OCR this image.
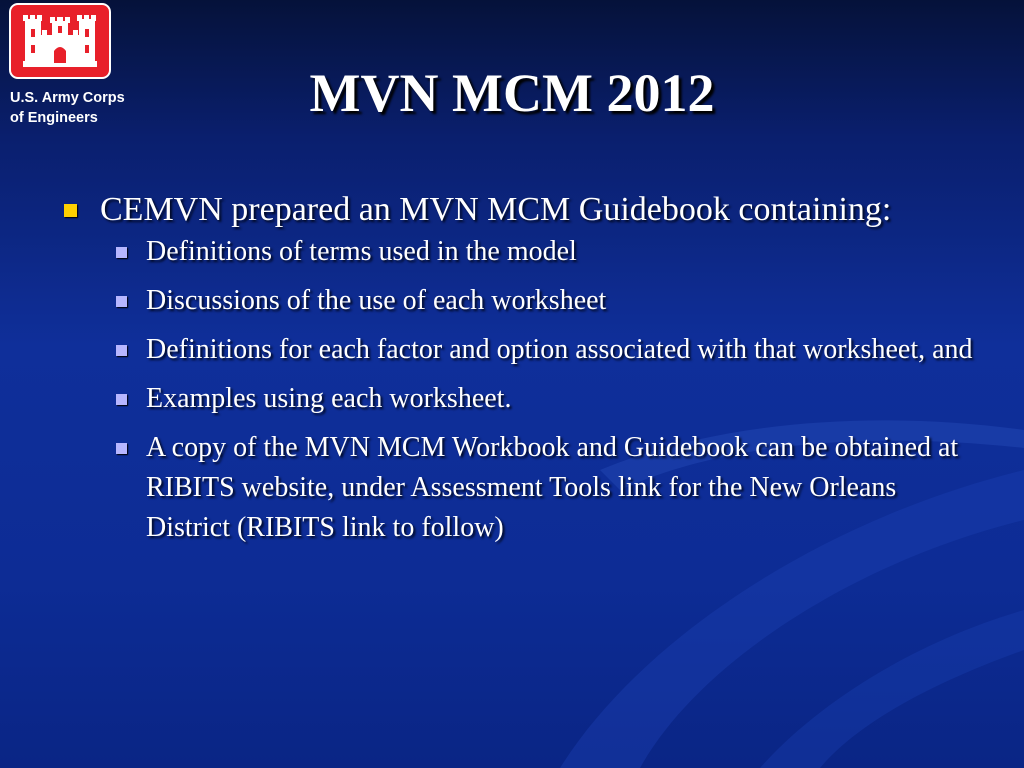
U.S. Army Corps
of Engineers	MVN MCM 2012
CEMVN prepared an MVN MCM Guidebook containing:
Definitions of terms used in the model
Discussions of the use of each worksheet
Definitions for each factor and option associated with that worksheet, and
Examples using each worksheet.
A copy of the MVN MCM Workbook and Guidebook can be obtained at RIBITS website, under Assessment Tools link for the New Orleans District (RIBITS link to follow)
